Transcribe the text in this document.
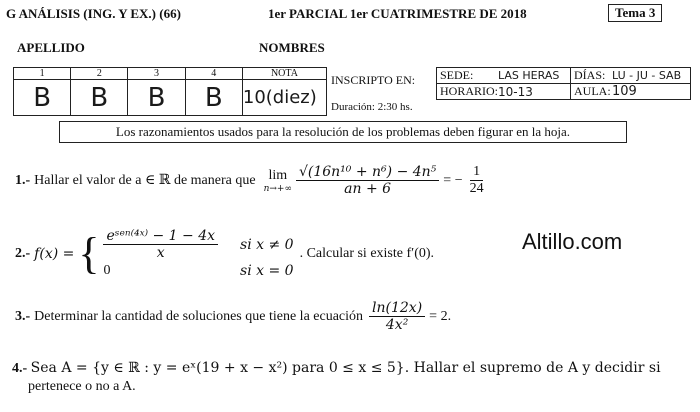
G ANÁLISIS (ING. Y EX.) (66)	1er PARCIAL 1er CUATRIMESTRE DE 2018	Tema 3
APELLIDO	NOMBRES
1	2	3	4	NOTA
B	B	B	B	10(diez)
INSCRIPTO EN:
Duración: 2:30 hs.
SEDE:	LAS HERAS	DÍAS:	LU - JU - SAB
HORARIO:	10-13	AULA:	109
Los razonamientos usados para la resolución de los problemas deben figurar en la hoja.
Altillo.com
1.- Hallar el valor de a ∈ ℝ de manera que lim
$n\to+\infty \frac{\text{√(16n¹⁰ + n⁶) − 4n⁵}}{an + 6}$ = − $\frac{1}{24}$
2.- f(x) = { $\frac{\text{eˢᵉⁿ⁽⁴ˣ⁾ − 1 − 4x}}{x}$ si x ≠ 0
0	si x = 0
. Calcular si existe f′(0).
3.- Determinar la cantidad de soluciones que tiene la ecuación $\frac{\ln(12x)}{\text{4x²}} = 2$.
4.- Sea A = {y ∈ ℝ : y = eˣ(19 + x − x²) para 0 ≤ x ≤ 5}. Hallar el supremo de A y decidir si
pertenece o no a A.
